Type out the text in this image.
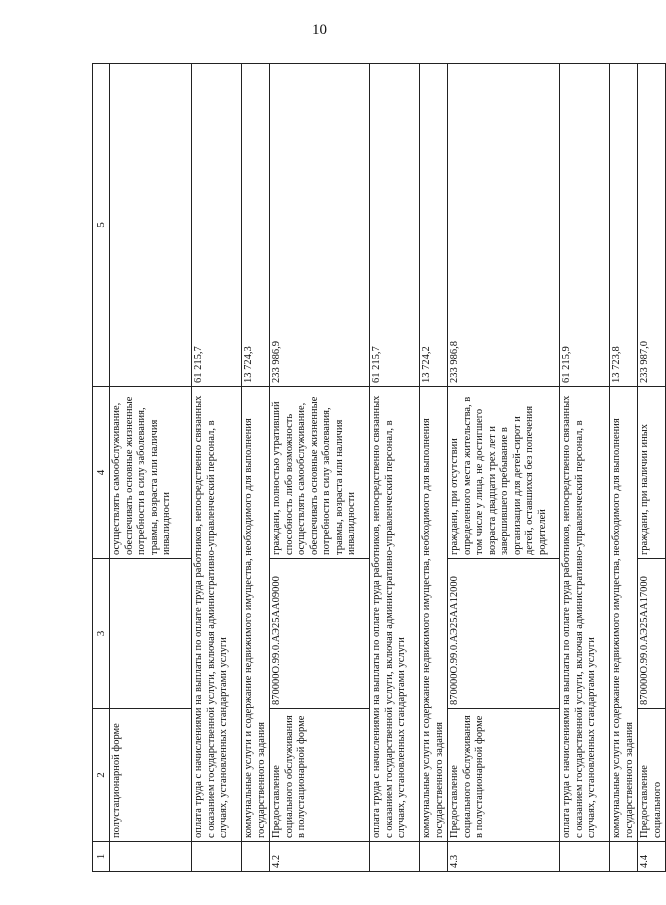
10
1	2	3	4	5
	полустационарной форме		осуществлять самообслуживание, обеспечивать основные жизненные потребности в силу заболевания, травмы, возраста или наличия инвалидности	
	оплата труда с начислениями на выплаты по оплате труда работников, непосредственно связанных с оказанием государственной услуги, включая административно-управленческий персонал, в случаях, установленных стандартами услуги			61 215,7
	коммунальные услуги и содержание недвижимого имущества, необходимого для выполнения государственного задания			13 724,3
4.2	Предоставление социального обслуживания в полустационарной форме	870000О.99.0.АЭ25АА09000	граждани, полностью утративший способность либо возможность осуществлять самообслуживание, обеспечивать основные жизненные потребности в силу заболевания, травмы, возраста или наличия инвалидности	233 986,9
	оплата труда с начислениями на выплаты по оплате труда работников, непосредственно связанных с оказанием государственной услуги, включая административно-управленческий персонал, в случаях, установленных стандартами услуги			61 215,7
	коммунальные услуги и содержание недвижимого имущества, необходимого для выполнения государственного задания			13 724,2
4.3	Предоставление социального обслуживания в полустационарной форме	870000О.99.0.АЭ25АА12000	граждани, при отсутствии определенного места жительства, в том числе у лица, не достигшего возраста двадцати трех лет и завершившего пребывание в организации для детей-сирот и детей, оставшихся без попечения родителей	233 986,8
	оплата труда с начислениями на выплаты по оплате труда работников, непосредственно связанных с оказанием государственной услуги, включая административно-управленческий персонал, в случаях, установленных стандартами услуги			61 215,9
	коммунальные услуги и содержание недвижимого имущества, необходимого для выполнения государственного задания			13 723,8
4.4	Предоставление социального	870000О.99.0.АЭ25АА17000	граждани, при наличии иных	233 987,0
